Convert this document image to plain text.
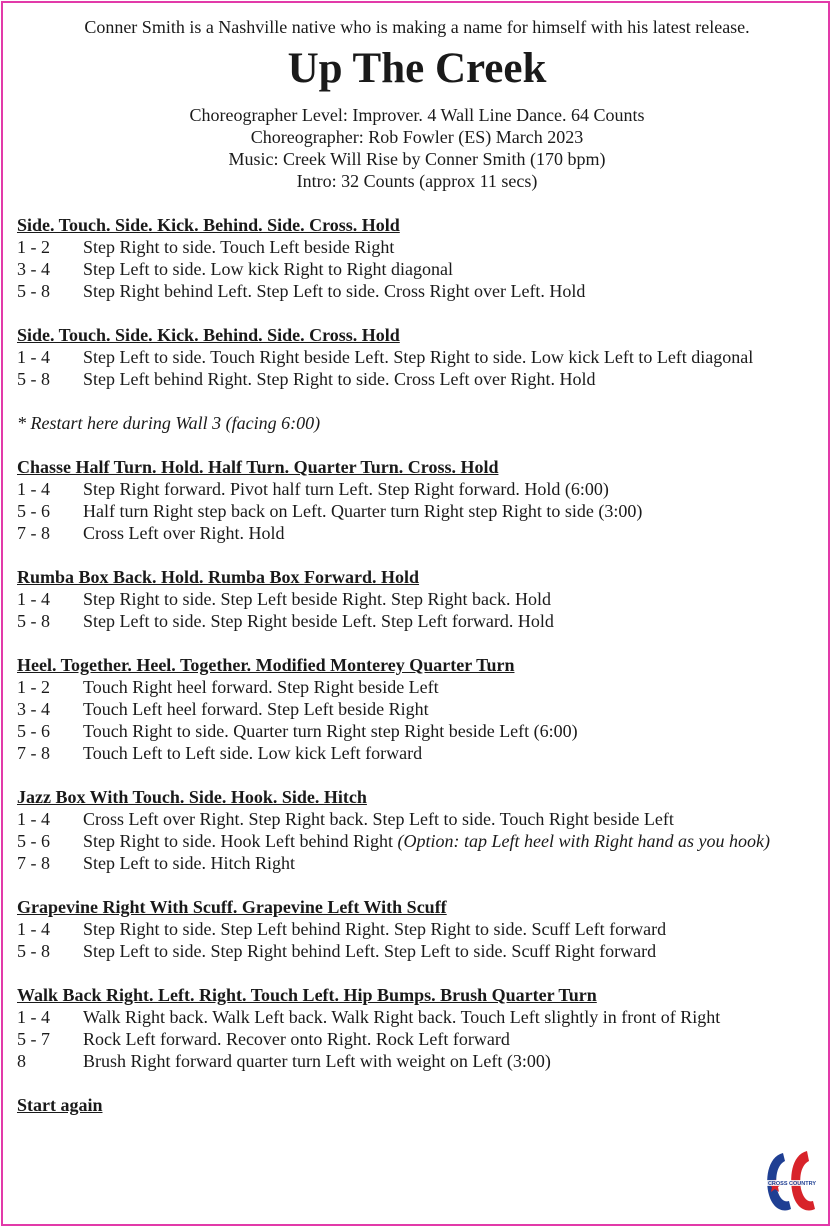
Conner Smith is a Nashville native who is making a name for himself with his latest release.

Up The Creek
Choreographer Level: Improver. 4 Wall Line Dance. 64 Counts
Choreographer: Rob Fowler (ES) March 2023
Music: Creek Will Rise by Conner Smith (170 bpm)
Intro: 32 Counts (approx 11 secs)
Side. Touch. Side. Kick. Behind. Side. Cross. Hold
1 - 2	Step Right to side. Touch Left beside Right
3 - 4	Step Left to side. Low kick Right to Right diagonal
5 - 8	Step Right behind Left. Step Left to side. Cross Right over Left. Hold
Side. Touch. Side. Kick. Behind. Side. Cross. Hold
1 - 4	Step Left to side. Touch Right beside Left. Step Right to side. Low kick Left to Left diagonal
5 - 8	Step Left behind Right. Step Right to side. Cross Left over Right. Hold
* Restart here during Wall 3 (facing 6:00)
Chasse Half Turn. Hold. Half Turn. Quarter Turn. Cross. Hold
1 - 4	Step Right forward. Pivot half turn Left. Step Right forward. Hold (6:00)
5 - 6	Half turn Right step back on Left. Quarter turn Right step Right to side (3:00)
7 - 8	Cross Left over Right. Hold
Rumba Box Back. Hold. Rumba Box Forward. Hold
1 - 4	Step Right to side. Step Left beside Right. Step Right back. Hold
5 - 8	Step Left to side. Step Right beside Left. Step Left forward. Hold
Heel. Together. Heel. Together. Modified Monterey Quarter Turn
1 - 2	Touch Right heel forward. Step Right beside Left
3 - 4	Touch Left heel forward. Step Left beside Right
5 - 6	Touch Right to side. Quarter turn Right step Right beside Left (6:00)
7 - 8	Touch Left to Left side. Low kick Left forward
Jazz Box With Touch. Side. Hook. Side. Hitch
1 - 4	Cross Left over Right. Step Right back. Step Left to side. Touch Right beside Left
5 - 6	Step Right to side. Hook Left behind Right (Option: tap Left heel with Right hand as you hook)
7 - 8	Step Left to side. Hitch Right
Grapevine Right With Scuff. Grapevine Left With Scuff
1 - 4	Step Right to side. Step Left behind Right. Step Right to side. Scuff Left forward
5 - 8	Step Left to side. Step Right behind Left. Step Left to side. Scuff Right forward
Walk Back Right. Left. Right. Touch Left. Hip Bumps. Brush Quarter Turn
1 - 4	Walk Right back. Walk Left back. Walk Right back. Touch Left slightly in front of Right
5 - 7	Rock Left forward. Recover onto Right. Rock Left forward
8	Brush Right forward quarter turn Left with weight on Left (3:00)
Start again
CROSS COUNTRY
